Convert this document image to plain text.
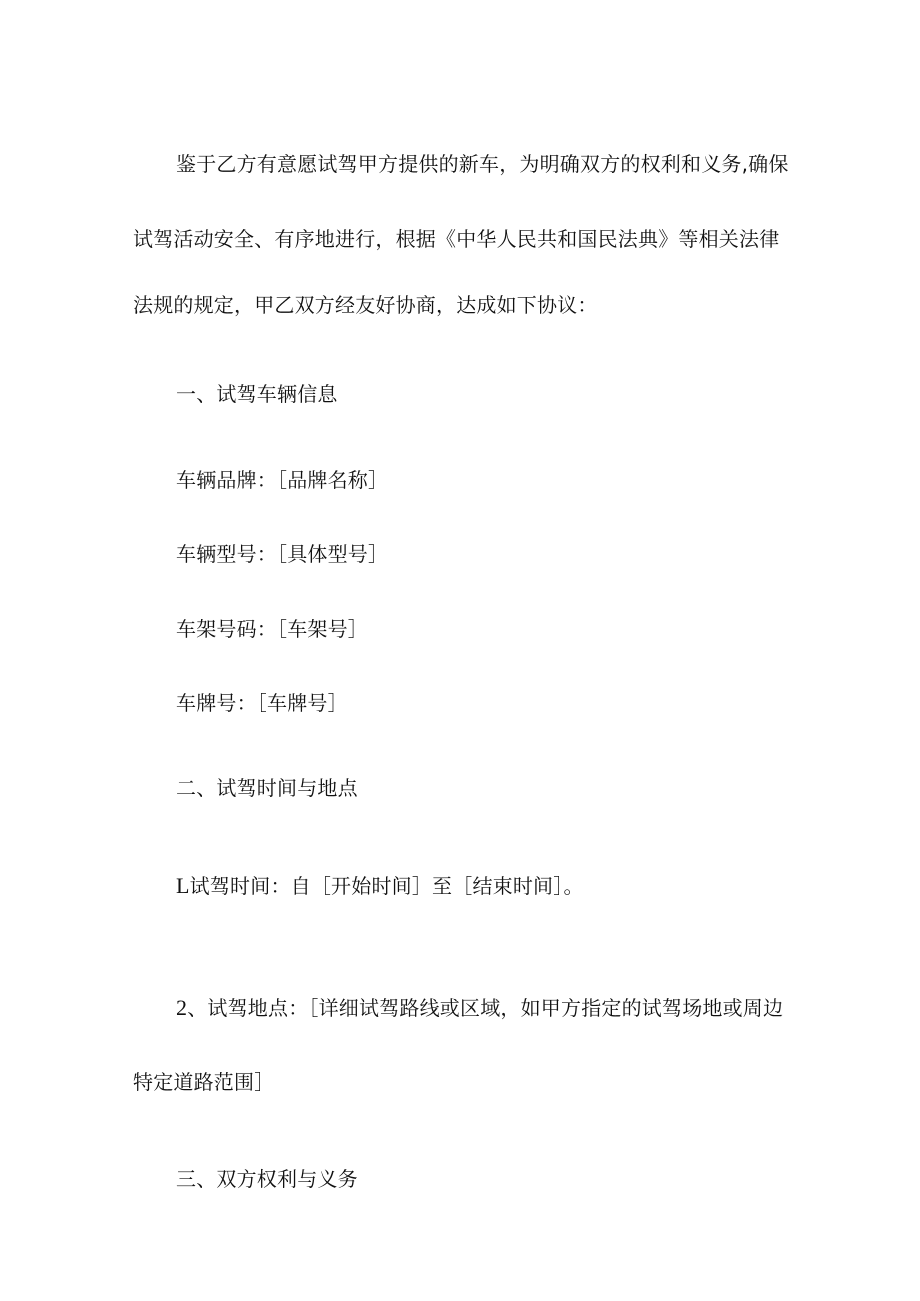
鉴于乙方有意愿试驾甲方提供的新车，为明确双方的权利和义务,确保
试驾活动安全、有序地进行，根据《中华人民共和国民法典》等相关法律
法规的规定，甲乙双方经友好协商，达成如下协议：
一、试驾车辆信息
车辆品牌：［品牌名称］
车辆型号：［具体型号］
车架号码：［车架号］
车牌号：［车牌号］
二、试驾时间与地点
L试驾时间：自［开始时间］至［结束时间］。
2、试驾地点：［详细试驾路线或区域，如甲方指定的试驾场地或周边
特定道路范围］
三、双方权利与义务
